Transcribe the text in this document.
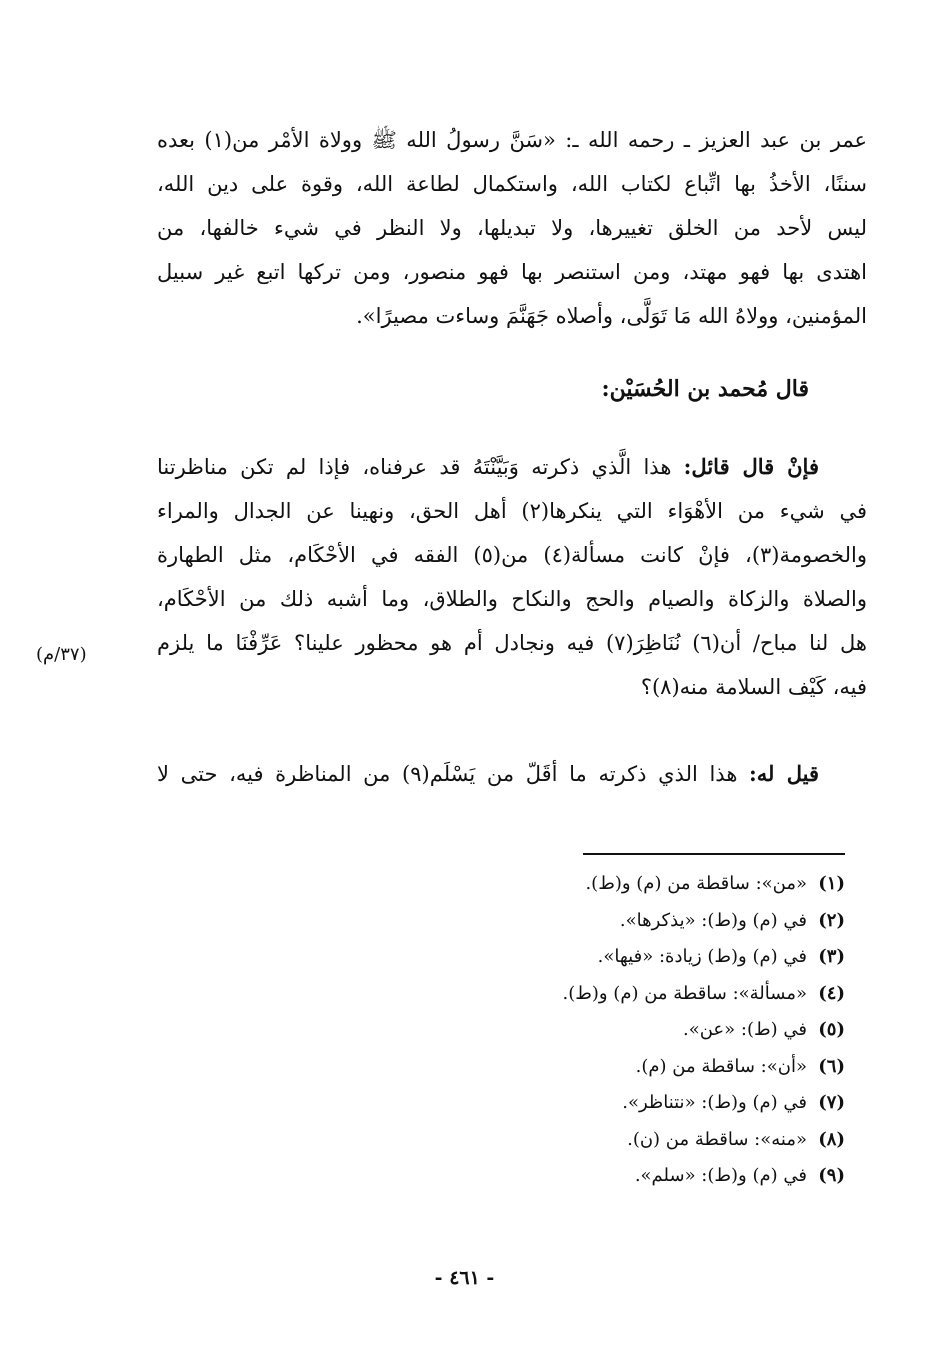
عمر بن عبد العزيز ـ رحمه الله ـ: «سَنَّ رسولُ الله ﷺ وولاة الأمْر من(١) بعده
سننًا، الأخذُ بها اتِّباع لكتاب الله، واستكمال لطاعة الله، وقوة على دين الله،
ليس لأحد من الخلق تغييرها، ولا تبديلها، ولا النظر في شيء خالفها، من
اهتدى بها فهو مهتد، ومن استنصر بها فهو منصور، ومن تركها اتبع غير سبيل
المؤمنين، وولاهُ الله مَا تَوَلَّى، وأصلاه جَهَنَّمَ وساءت مصيرًا».
قال مُحمد بن الحُسَيْن:
فإنْ قال قائل: هذا الَّذي ذكرته وَبَيَّنْتَهُ قد عرفناه، فإذا لم تكن مناظرتنا
في شيء من الأهْوَاء التي ينكرها(٢) أهل الحق، ونهينا عن الجدال والمراء
والخصومة(٣)، فإنْ كانت مسألة(٤) من(٥) الفقه في الأحْكَام، مثل الطهارة
والصلاة والزكاة والصيام والحج والنكاح والطلاق، وما أشبه ذلك من الأحْكَام،
هل لنا مباح/ أن(٦) نُنَاظِرَ(٧) فيه ونجادل أم هو محظور علينا؟ عَرِّفْنَا ما يلزم
فيه، كَيْف السلامة منه(٨)؟
(٣٧/م)
قيل له: هذا الذي ذكرته ما أقَلّ من يَسْلَم(٩) من المناظرة فيه، حتى لا
(١)«من»: ساقطة من (م) و(ط).
(٢)في (م) و(ط): «يذكرها».
(٣)في (م) و(ط) زيادة: «فيها».
(٤)«مسألة»: ساقطة من (م) و(ط).
(٥)في (ط): «عن».
(٦)«أن»: ساقطة من (م).
(٧)في (م) و(ط): «نتناظر».
(٨)«منه»: ساقطة من (ن).
(٩)في (م) و(ط): «سلم».
- ٤٦١ -
